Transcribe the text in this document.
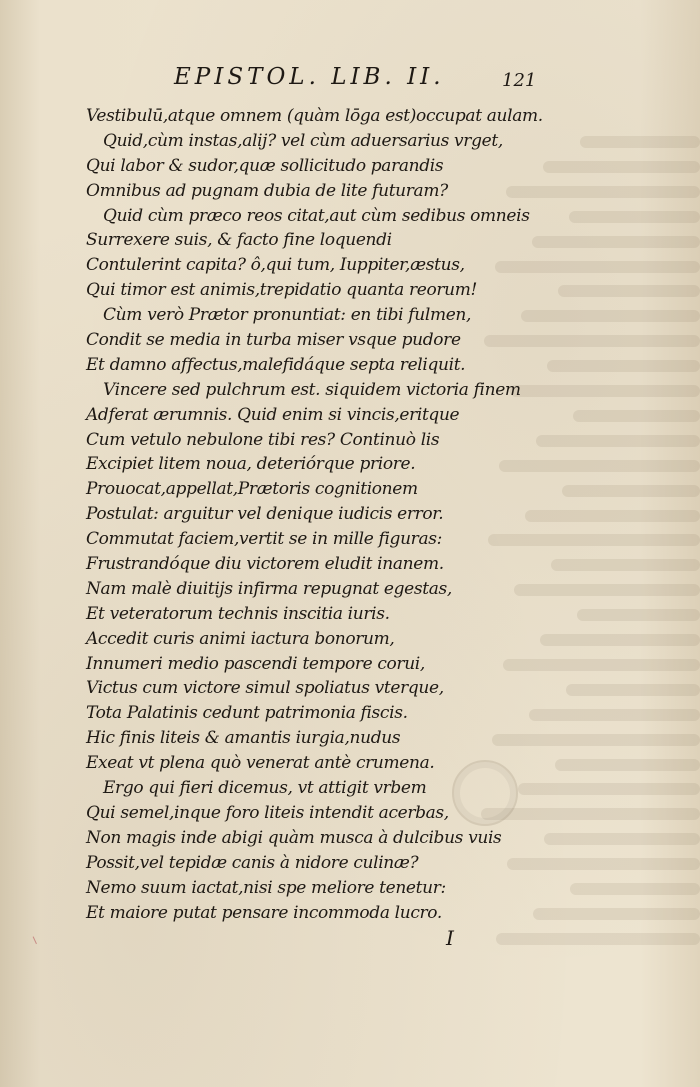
EPISTOL. LIB. II.	121
Vestibulū,atque omnem (quàm lōga est)occupat aulam.
Quid,cùm instas,alij? vel cùm aduersarius vrget,
Qui labor & sudor,quæ sollicitudo parandis
Omnibus ad pugnam dubia de lite futuram?
Quid cùm præco reos citat,aut cùm sedibus omneis
Surrexere suis, & facto fine loquendi
Contulerint capita? ô,qui tum, Iuppiter,æstus,
Qui timor est animis,trepidatio quanta reorum!
Cùm verò Prætor pronuntiat: en tibi fulmen,
Condit se media in turba miser vsque pudore
Et damno affectus,malefidáque septa reliquit.
Vincere sed pulchrum est. siquidem victoria finem
Adferat ærumnis. Quid enim si vincis,eritque
Cum vetulo nebulone tibi res? Continuò lis
Excipiet litem noua, deteriórque priore.
Prouocat,appellat,Prætoris cognitionem
Postulat: arguitur vel denique iudicis error.
Commutat faciem,vertit se in mille figuras:
Frustrandóque diu victorem eludit inanem.
Nam malè diuitijs infirma repugnat egestas,
Et veteratorum technis inscitia iuris.
Accedit curis animi iactura bonorum,
Innumeri medio pascendi tempore corui,
Victus cum victore simul spoliatus vterque,
Tota Palatinis cedunt patrimonia fiscis.
Hic finis liteis & amantis iurgia,nudus
Exeat vt plena quò venerat antè crumena.
Ergo qui fieri dicemus, vt attigit vrbem
Qui semel,inque foro liteis intendit acerbas,
Non magis inde abigi quàm musca à dulcibus vuis
Possit,vel tepidæ canis à nidore culinæ?
Nemo suum iactat,nisi spe meliore tenetur:
Et maiore putat pensare incommoda lucro.
I
